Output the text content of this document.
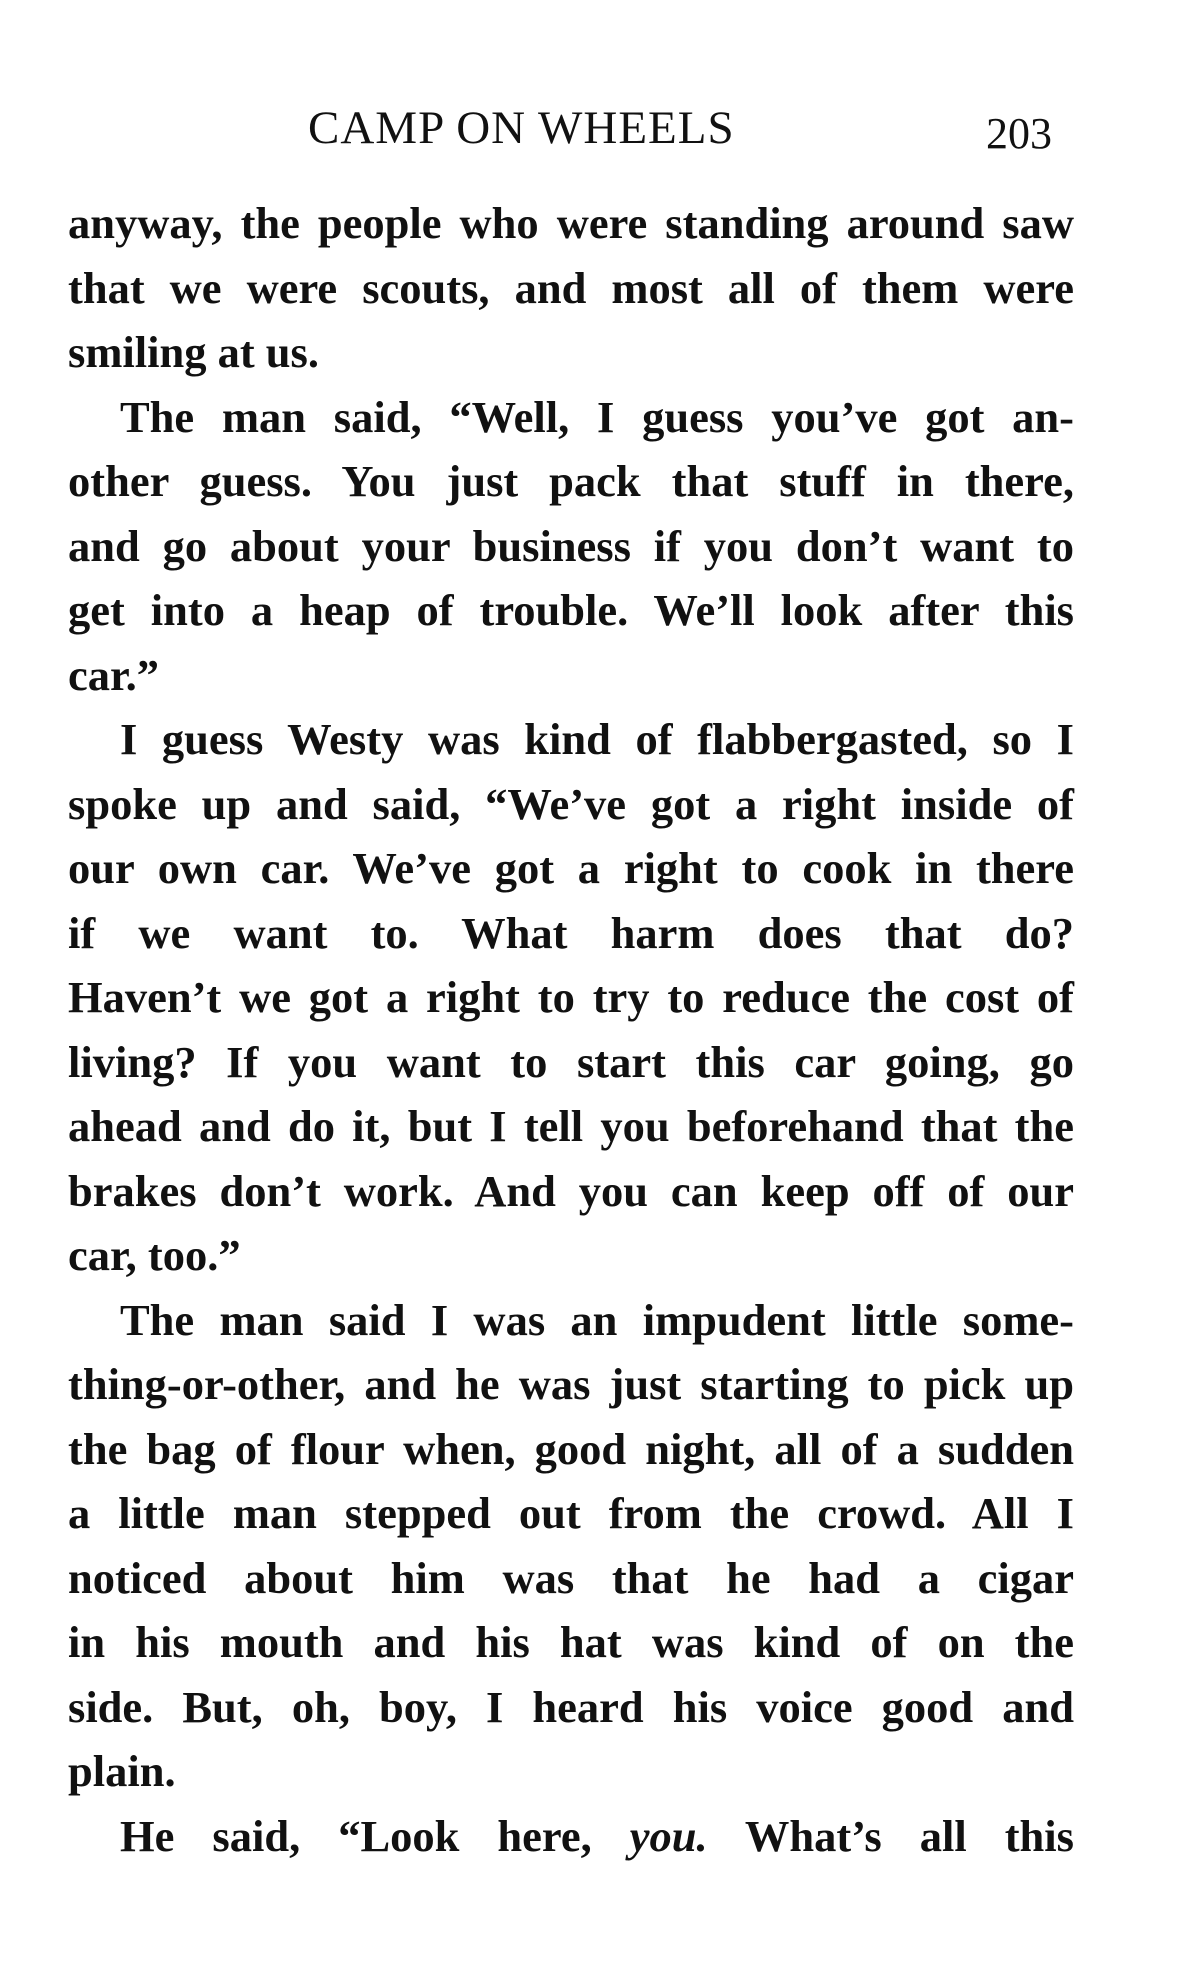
CAMP ON WHEELS	203
anyway, the people who were standing around saw
that we were scouts, and most all of them were
smiling at us.
The man said, “Well, I guess you’ve got an-
other guess. You just pack that stuff in there,
and go about your business if you don’t want to
get into a heap of trouble. We’ll look after this
car.”
I guess Westy was kind of flabbergasted, so I
spoke up and said, “We’ve got a right inside of
our own car. We’ve got a right to cook in there
if we want to. What harm does that do?
Haven’t we got a right to try to reduce the cost of
living? If you want to start this car going, go
ahead and do it, but I tell you beforehand that the
brakes don’t work. And you can keep off of our
car, too.”
The man said I was an impudent little some-
thing-or-other, and he was just starting to pick up
the bag of flour when, good night, all of a sudden
a little man stepped out from the crowd. All I
noticed about him was that he had a cigar
in his mouth and his hat was kind of on the
side. But, oh, boy, I heard his voice good and
plain.
He said, “Look here, you. What’s all this
